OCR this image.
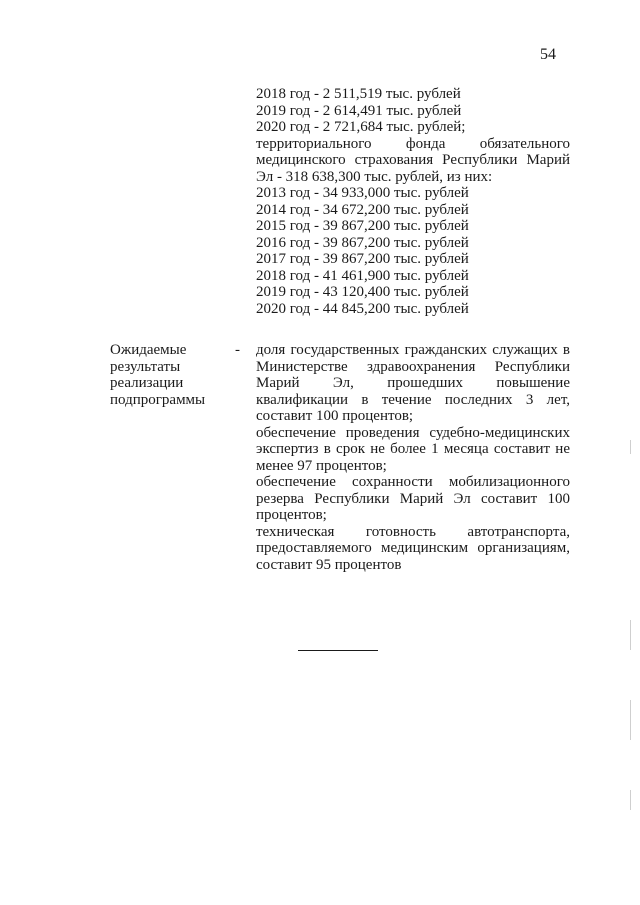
54
2018 год - 2 511,519 тыс. рублей
2019 год - 2 614,491 тыс. рублей
2020 год - 2 721,684 тыс. рублей;
территориального фонда обязательного медицинского страхования Республики Марий Эл - 318 638,300 тыс. рублей, из них:
2013 год - 34 933,000 тыс. рублей
2014 год - 34 672,200 тыс. рублей
2015 год - 39 867,200 тыс. рублей
2016 год - 39 867,200 тыс. рублей
2017 год - 39 867,200 тыс. рублей
2018 год - 41 461,900 тыс. рублей
2019 год - 43 120,400 тыс. рублей
2020 год - 44 845,200 тыс. рублей
Ожидаемые
результаты
реализации
подпрограммы
- доля государственных гражданских служащих в Министерстве здравоохранения Республики Марий Эл, прошедших повышение квалификации в течение последних 3 лет, составит 100 процентов;
обеспечение проведения судебно-медицинских экспертиз в срок не более 1 месяца составит не менее 97 процентов;
обеспечение сохранности мобилизационного резерва Республики Марий Эл составит 100 процентов;
техническая готовность автотранспорта, предоставляемого медицинским организациям, составит 95 процентов
